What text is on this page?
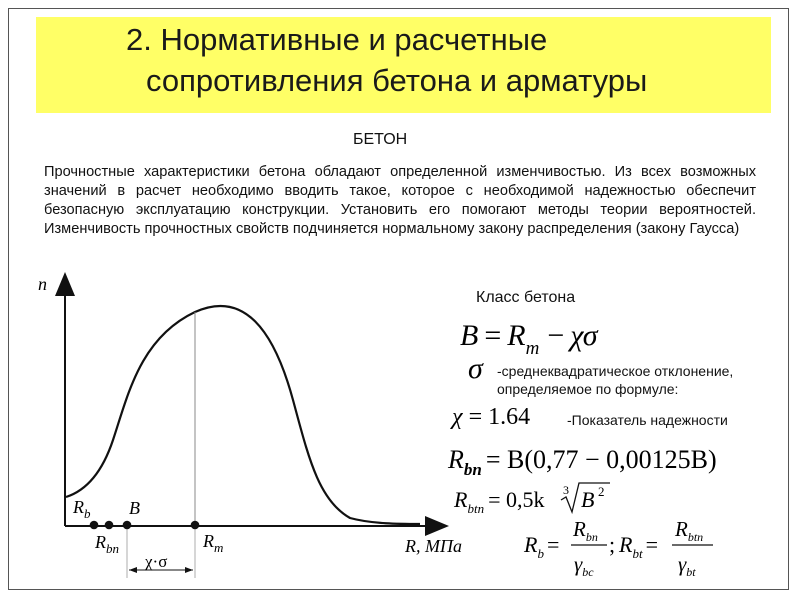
2. Нормативные и расчетные
сопротивления бетона и арматуры
БЕТОН
Прочностные характеристики бетона обладают определенной изменчивостью. Из всех возможных значений в расчет необходимо вводить такое, которое с необходимой надежностью обеспечит безопасную эксплуатацию конструкции. Установить его помогают методы теории вероятностей. Изменчивость прочностных свойств подчиняется нормальному закону распределения (закону Гаусса)
n
R, МПа
χ·σ
$R_b$ B
$R_{bn}$	$R_m$
Класс бетона
$B = R_m - \chi\sigma$
σ
χ = 1.64
$R_{bn} = B(0,77 - 0,00125B)$
$R_{btn} = 0,5k$ 3 B 2
$R_b$ =
$R_{bn}$
$\gamma_{bc}$
; $R_{bt}$ =
$R_{btn}$
$\gamma_{bt}$
-среднеквадратическое отклонение,
определяемое по формуле:
-Показатель надежности
